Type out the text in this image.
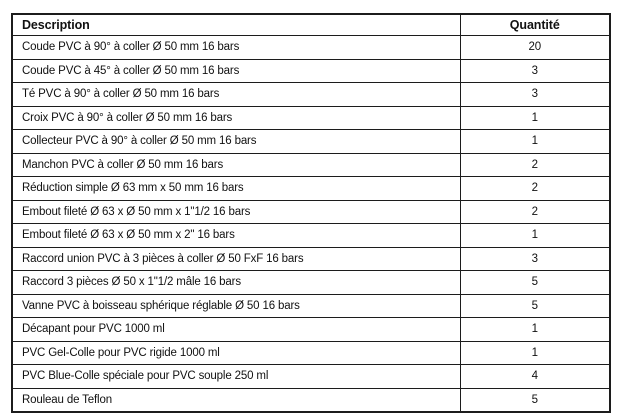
Description	Quantité
Coude PVC à 90° à coller Ø 50 mm 16 bars	20
Coude PVC à 45° à coller Ø 50 mm 16 bars	3
Té PVC à 90° à coller Ø 50 mm 16 bars	3
Croix PVC à 90° à coller Ø 50 mm 16 bars	1
Collecteur PVC à 90° à coller Ø 50 mm 16 bars	1
Manchon PVC à coller Ø 50 mm 16 bars	2
Réduction simple Ø 63 mm x 50 mm 16 bars	2
Embout fileté Ø 63 x Ø 50 mm x 1"1/2 16 bars	2
Embout fileté Ø 63 x Ø 50 mm x 2" 16 bars	1
Raccord union PVC à 3 pièces à coller Ø 50 FxF 16 bars	3
Raccord 3 pièces Ø 50 x 1"1/2 mâle 16 bars	5
Vanne PVC à boisseau sphérique réglable Ø 50 16 bars	5
Décapant pour PVC 1000 ml	1
PVC Gel-Colle pour PVC rigide 1000 ml	1
PVC Blue-Colle spéciale pour PVC souple 250 ml	4
Rouleau de Teflon	5
